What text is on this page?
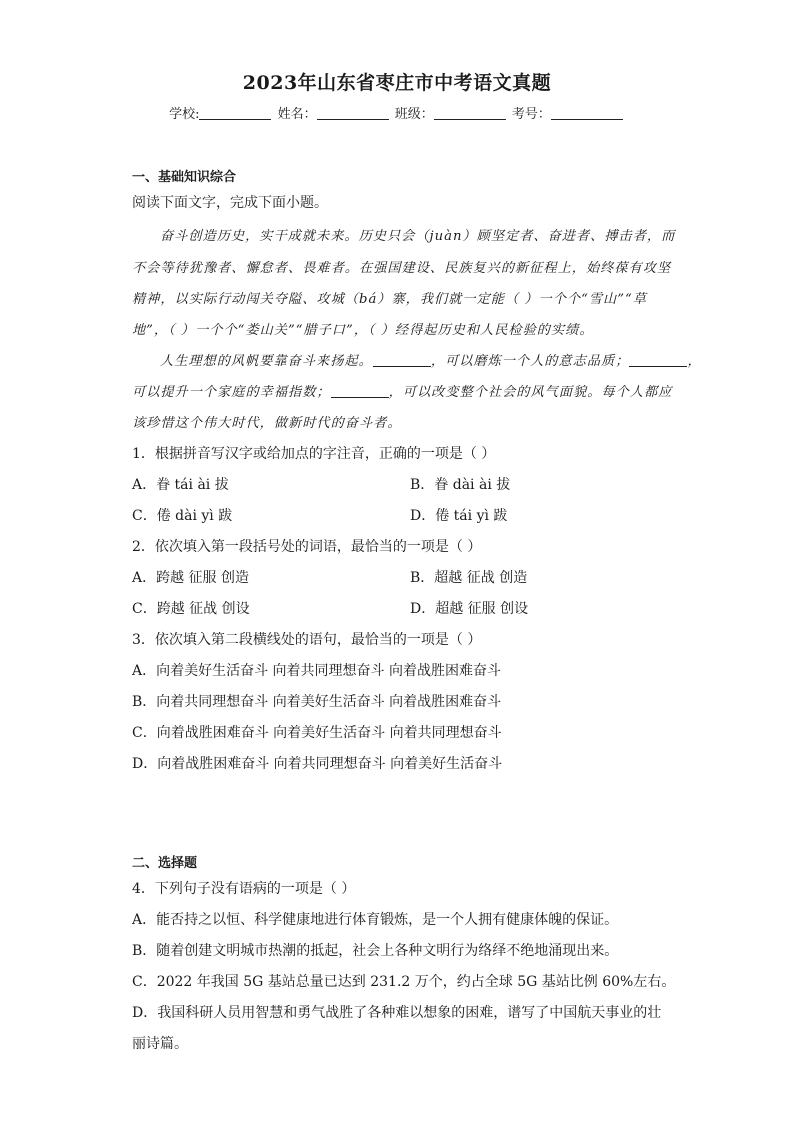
2023年山东省枣庄市中考语文真题
学校:	姓名：	班级：	考号：
一、基础知识综合
阅读下面文字，完成下面小题。
奋斗创造历史，实干成就未来。历史只会（juàn）顾坚定者、奋进者、搏击者，而
不会等待犹豫者、懈怠者、畏难者。在强国建设、民族复兴的新征程上，始终葆有攻坚
精神，以实际行动闯关夺隘、攻城（bá）寨，我们就一定能（ ）一个个“雪山”“草
地”，（ ）一个个“娄山关”“腊子口”，（ ）经得起历史和人民检验的实绩。
人生理想的风帆要靠奋斗来扬起。	，可以磨炼一个人的意志品质；	，
可以提升一个家庭的幸福指数；	，可以改变整个社会的风气面貌。每个人都应
该珍惜这个伟大时代，做新时代的奋斗者。
1．根据拼音写汉字或给加点的字注音，正确的一项是（ ）
A．眷 tái ài 拔	B．眷 dài ài 拔
C．倦 dài yì 跋	D．倦 tái yì 跋
2．依次填入第一段括号处的词语，最恰当的一项是（ ）
A．跨越 征服 创造	B．超越 征战 创造
C．跨越 征战 创设	D．超越 征服 创设
3．依次填入第二段横线处的语句，最恰当的一项是（ ）
A．向着美好生活奋斗 向着共同理想奋斗 向着战胜困难奋斗
B．向着共同理想奋斗 向着美好生活奋斗 向着战胜困难奋斗
C．向着战胜困难奋斗 向着美好生活奋斗 向着共同理想奋斗
D．向着战胜困难奋斗 向着共同理想奋斗 向着美好生活奋斗
二、选择题
4．下列句子没有语病的一项是（ ）
A．能否持之以恒、科学健康地进行体育锻炼，是一个人拥有健康体魄的保证。
B．随着创建文明城市热潮的抵起，社会上各种文明行为络绎不绝地涌现出来。
C．2022 年我国 5G 基站总量已达到 231.2 万个，约占全球 5G 基站比例 60%左右。
D．我国科研人员用智慧和勇气战胜了各种难以想象的困难，谱写了中国航天事业的壮
丽诗篇。
